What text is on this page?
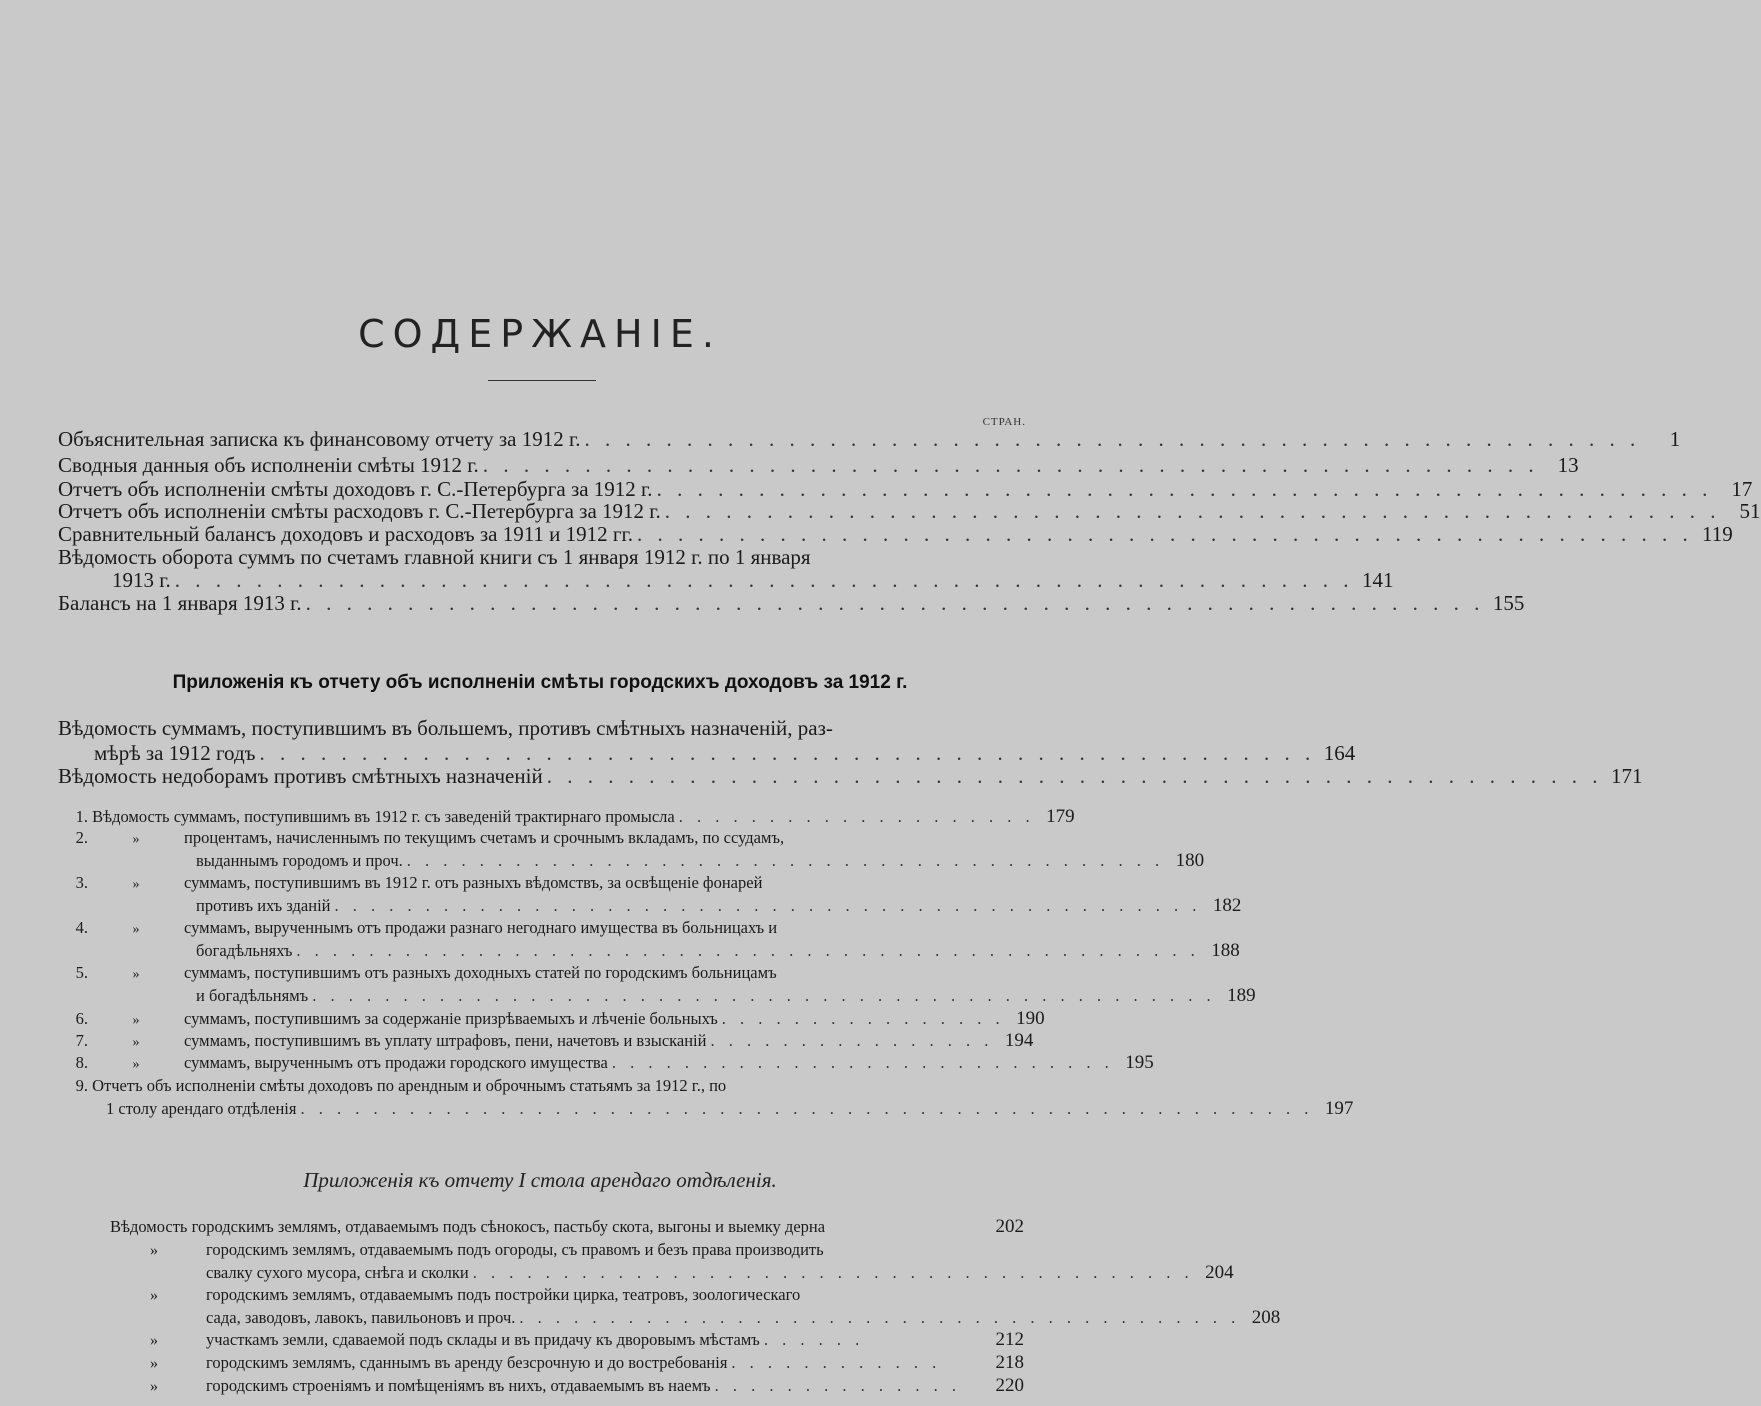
СОДЕРЖАНІЕ.
СТРАН.
Объяснительная записка къ финансовому отчету за 1912 г. . . . . . . . . . . . . . . . . . . . . . . . . . . . . . . . . . . . . . . . . . . . . . . . . . . . .	1
Сводныя данныя объ исполненіи смѣты 1912 г. . . . . . . . . . . . . . . . . . . . . . . . . . . . . . . . . . . . . . . . . . . . . . . . . . . . . 13
Отчетъ объ исполненіи смѣты доходовъ г. С.-Петербурга за 1912 г. . . . . . . . . . . . . . . . . . . . . . . . . . . . . . . . . . . . . . . . . . . . . . . . . . . . . 17
Отчетъ объ исполненіи смѣты расходовъ г. С.-Петербурга за 1912 г. . . . . . . . . . . . . . . . . . . . . . . . . . . . . . . . . . . . . . . . . . . . . . . . . . . . . 51
Сравнительный балансъ доходовъ и расходовъ за 1911 и 1912 гг. . . . . . . . . . . . . . . . . . . . . . . . . . . . . . . . . . . . . . . . . . . . . . . . . . . . . 119
Вѣдомость оборота суммъ по счетамъ главной книги съ 1 января 1912 г. по 1 января
1913 г. . . . . . . . . . . . . . . . . . . . . . . . . . . . . . . . . . . . . . . . . . . . . . . . . . . . . . . . . . . 141
Балансъ на 1 января 1913 г. . . . . . . . . . . . . . . . . . . . . . . . . . . . . . . . . . . . . . . . . . . . . . . . . . . . . . . . . . . 155
Приложенія къ отчету объ исполненіи смѣты городскихъ доходовъ за 1912 г.
Вѣдомость суммамъ, поступившимъ въ большемъ, противъ смѣтныхъ назначеній, раз-
мѣрѣ за 1912 годъ . . . . . . . . . . . . . . . . . . . . . . . . . . . . . . . . . . . . . . . . . . . . . . . . . . . . 164
Вѣдомость недоборамъ противъ смѣтныхъ назначеній . . . . . . . . . . . . . . . . . . . . . . . . . . . . . . . . . . . . . . . . . . . . . . . . . . . . 171
1. Вѣдомость суммамъ, поступившимъ въ 1912 г. съ заведеній трактирнаго промысла . . . . . . . . . . . . . . . . . . . . 179
2.	»	процентамъ, начисленнымъ по текущимъ счетамъ и срочнымъ вкладамъ, по ссудамъ,
выданнымъ городомъ и проч. . . . . . . . . . . . . . . . . . . . . . . . . . . . . . . . . . . . . . . . . . . 180
3.	»	суммамъ, поступившимъ въ 1912 г. отъ разныхъ вѣдомствъ, за освѣщеніе фонарей
противъ ихъ зданій . . . . . . . . . . . . . . . . . . . . . . . . . . . . . . . . . . . . . . . . . . . . . . . . 182
4.	»	суммамъ, вырученнымъ отъ продажи разнаго негоднаго имущества въ больницахъ и
богадѣльняхъ . . . . . . . . . . . . . . . . . . . . . . . . . . . . . . . . . . . . . . . . . . . . . . . . . . 188
5.	»	суммамъ, поступившимъ отъ разныхъ доходныхъ статей по городскимъ больницамъ
и богадѣльнямъ . . . . . . . . . . . . . . . . . . . . . . . . . . . . . . . . . . . . . . . . . . . . . . . . . . 189
6.	»	суммамъ, поступившимъ за содержаніе призрѣваемыхъ и лѣченіе больныхъ . . . . . . . . . . . . . . . . 190
7.	»	суммамъ, поступившимъ въ уплату штрафовъ, пени, начетовъ и взысканій . . . . . . . . . . . . . . . . 194
8.	»	суммамъ, вырученнымъ отъ продажи городского имущества . . . . . . . . . . . . . . . . . . . . . . . . . . . . 195
9. Отчетъ объ исполненіи смѣты доходовъ по арендным и оброчнымъ статьямъ за 1912 г., по
1 столу арендаго отдѣленія . . . . . . . . . . . . . . . . . . . . . . . . . . . . . . . . . . . . . . . . . . . . . . . . . . . . . . . . 197
Приложенія къ отчету I стола арендаго отдѣленія.
Вѣдомость городскимъ землямъ, отдаваемымъ подъ сѣнокосъ, пастьбу скота, выгоны и выемку дерна	202
»	городскимъ землямъ, отдаваемымъ подъ огороды, съ правомъ и безъ права производить
свалку сухого мусора, снѣга и сколки . . . . . . . . . . . . . . . . . . . . . . . . . . . . . . . . . . . . . . . . 204
»	городскимъ землямъ, отдаваемымъ подъ постройки цирка, театровъ, зоологическаго
сада, заводовъ, лавокъ, павильоновъ и проч. . . . . . . . . . . . . . . . . . . . . . . . . . . . . . . . . . . . . . . . . 208
»	участкамъ земли, сдаваемой подъ склады и въ придачу къ дворовымъ мѣстамъ . . . . . .	212
»	городскимъ землямъ, сданнымъ въ аренду безсрочную и до востребованія . . . . . . . . . . . .	218
»	городскимъ строеніямъ и помѣщеніямъ въ нихъ, отдаваемымъ въ наемъ . . . . . . . . . . . . . .	220
